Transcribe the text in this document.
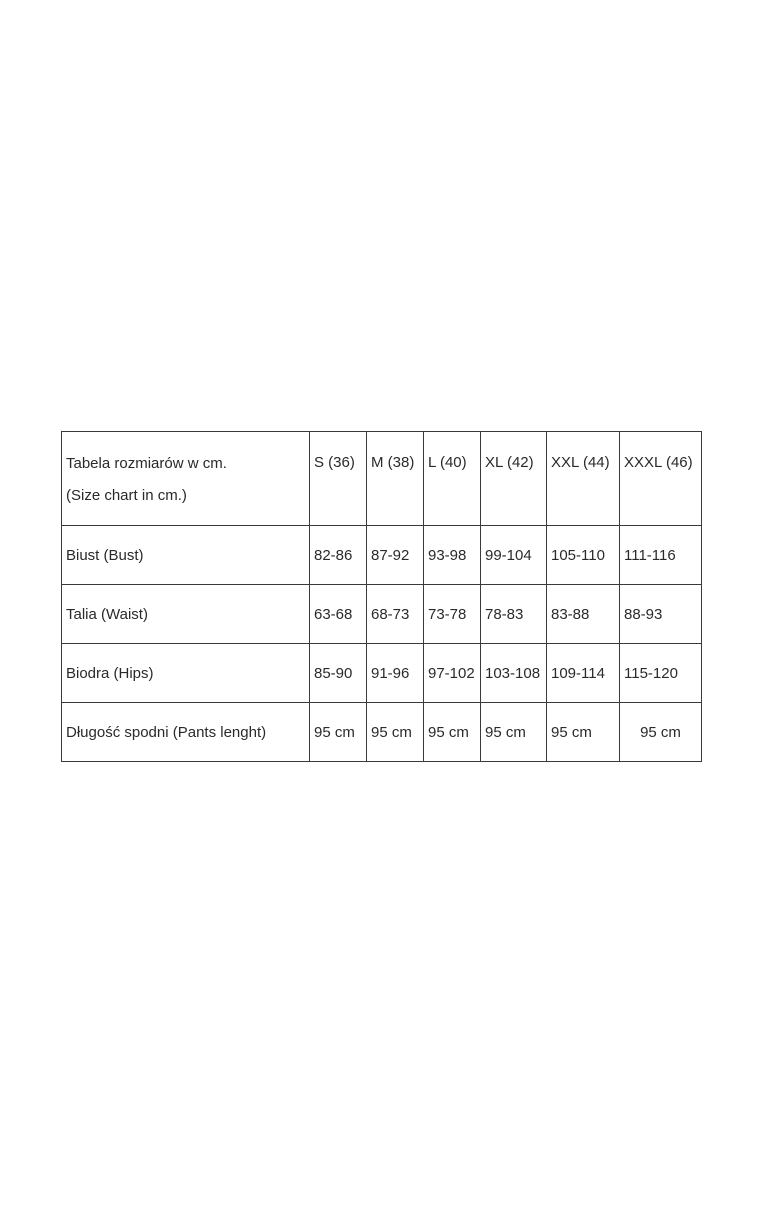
Tabela rozmiarów w cm.
(Size chart in cm.)	S (36)	M (38)	L (40)	XL (42)	XXL (44)	XXXL (46)
Biust (Bust)	82-86	87-92	93-98	99-104	105-110	111-116
Talia (Waist)	63-68	68-73	73-78	78-83	83-88	88-93
Biodra (Hips)	85-90	91-96	97-102	103-108	109-114	115-120
Długość spodni (Pants lenght)	95 cm	95 cm	95 cm	95 cm	95 cm	95 cm
